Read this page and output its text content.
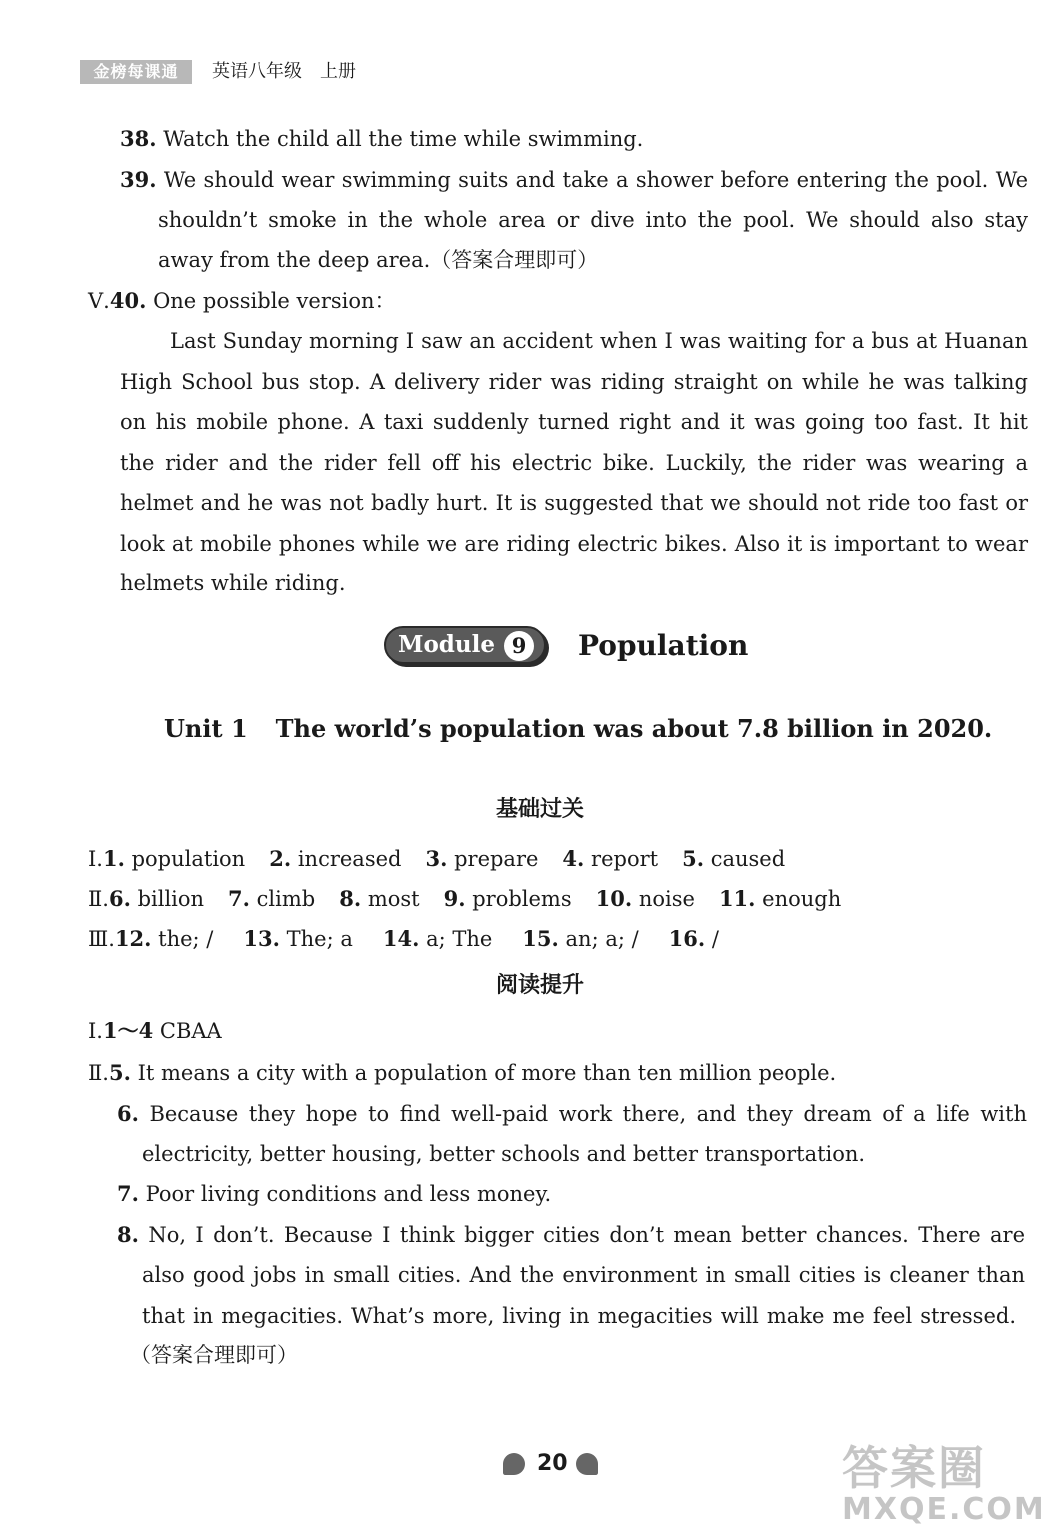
金榜每课通	英语八年级　上册
38. Watch the child all the time while swimming.
39. We should wear swimming suits and take a shower before entering the pool. We
shouldn’t smoke in the whole area or dive into the pool. We should also stay
away from the deep area.（答案合理即可）
Ⅴ.40. One possible version：
Last Sunday morning I saw an accident when I was waiting for a bus at Huanan
High School bus stop. A delivery rider was riding straight on while he was talking
on his mobile phone. A taxi suddenly turned right and it was going too fast. It hit
the rider and the rider fell off his electric bike. Luckily, the rider was wearing a
helmet and he was not badly hurt. It is suggested that we should not ride too fast or
look at mobile phones while we are riding electric bikes. Also it is important to wear
helmets while riding.
Module 9 Population
Unit 1 The world’s population was about 7.8 billion in 2020.
基础过关
Ⅰ.1. population 2. increased 3. prepare 4. report 5. caused
Ⅱ.6. billion 7. climb 8. most 9. problems 10. noise 11. enough
Ⅲ.12. the; / 13. The; a 14. a; The 15. an; a; / 16. /
阅读提升
Ⅰ.1～4 CBAA
Ⅱ.5. It means a city with a population of more than ten million people.
6. Because they hope to find well-paid work there, and they dream of a life with
electricity, better housing, better schools and better transportation.
7. Poor living conditions and less money.
8. No, I don’t. Because I think bigger cities don’t mean better chances. There are
also good jobs in small cities. And the environment in small cities is cleaner than
that in megacities. What’s more, living in megacities will make me feel stressed.
（答案合理即可）
20	答案圈
MXQE.COM
